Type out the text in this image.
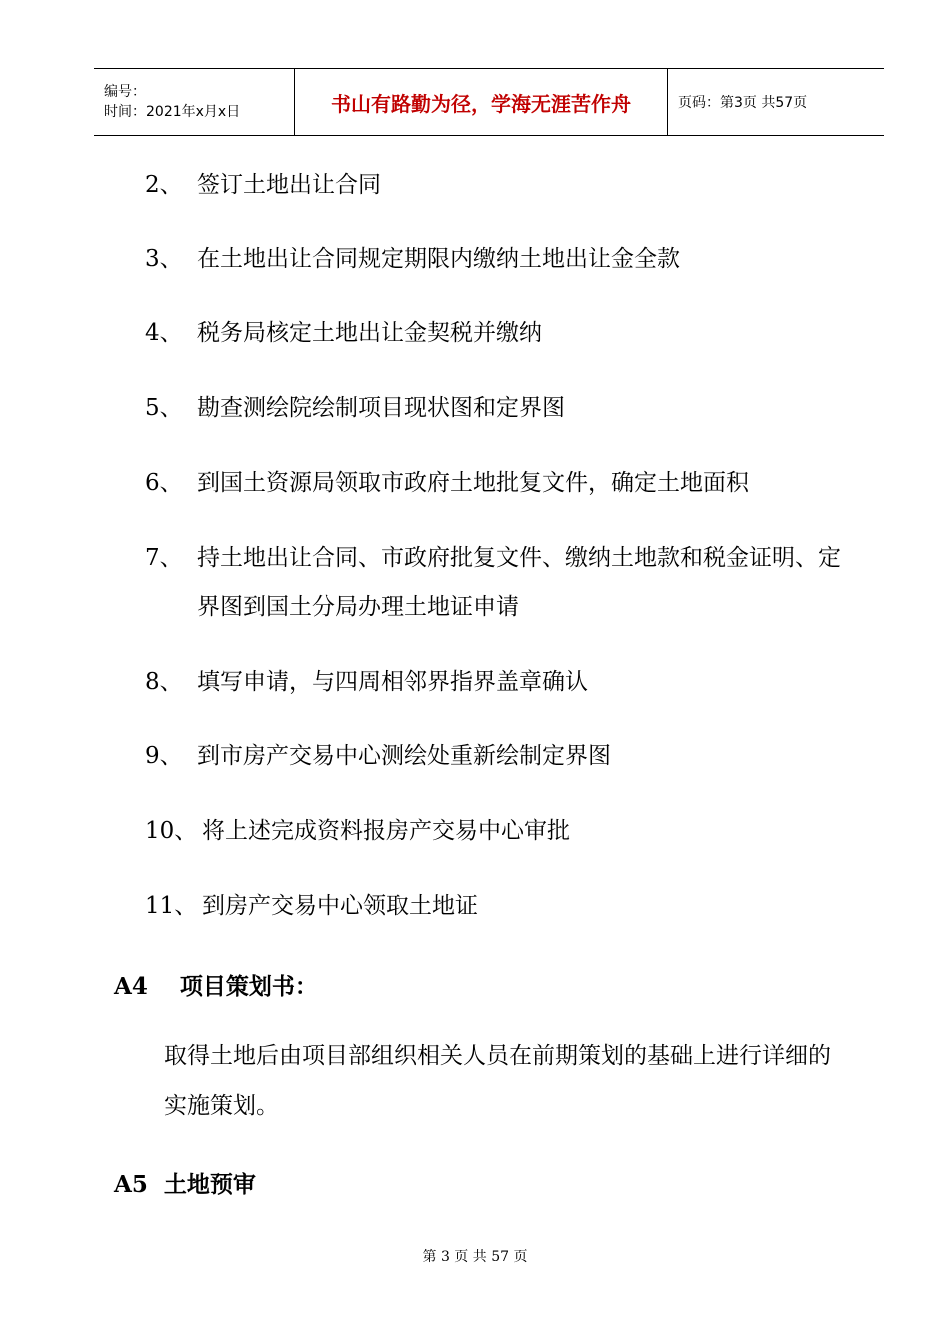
编号：
时间：2021年x月x日	书山有路勤为径，学海无涯苦作舟	页码：第3页 共57页
2、 签订土地出让合同
3、 在土地出让合同规定期限内缴纳土地出让金全款
4、 税务局核定土地出让金契税并缴纳
5、 勘查测绘院绘制项目现状图和定界图
6、 到国土资源局领取市政府土地批复文件，确定土地面积
7、 持土地出让合同、市政府批复文件、缴纳土地款和税金证明、定界图到国土分局办理土地证申请
8、 填写申请，与四周相邻界指界盖章确认
9、 到市房产交易中心测绘处重新绘制定界图
10、 将上述完成资料报房产交易中心审批
11、 到房产交易中心领取土地证
A4 项目策划书：
取得土地后由项目部组织相关人员在前期策划的基础上进行详细的实施策划。
A5 土地预审
第 3 页 共 57 页
